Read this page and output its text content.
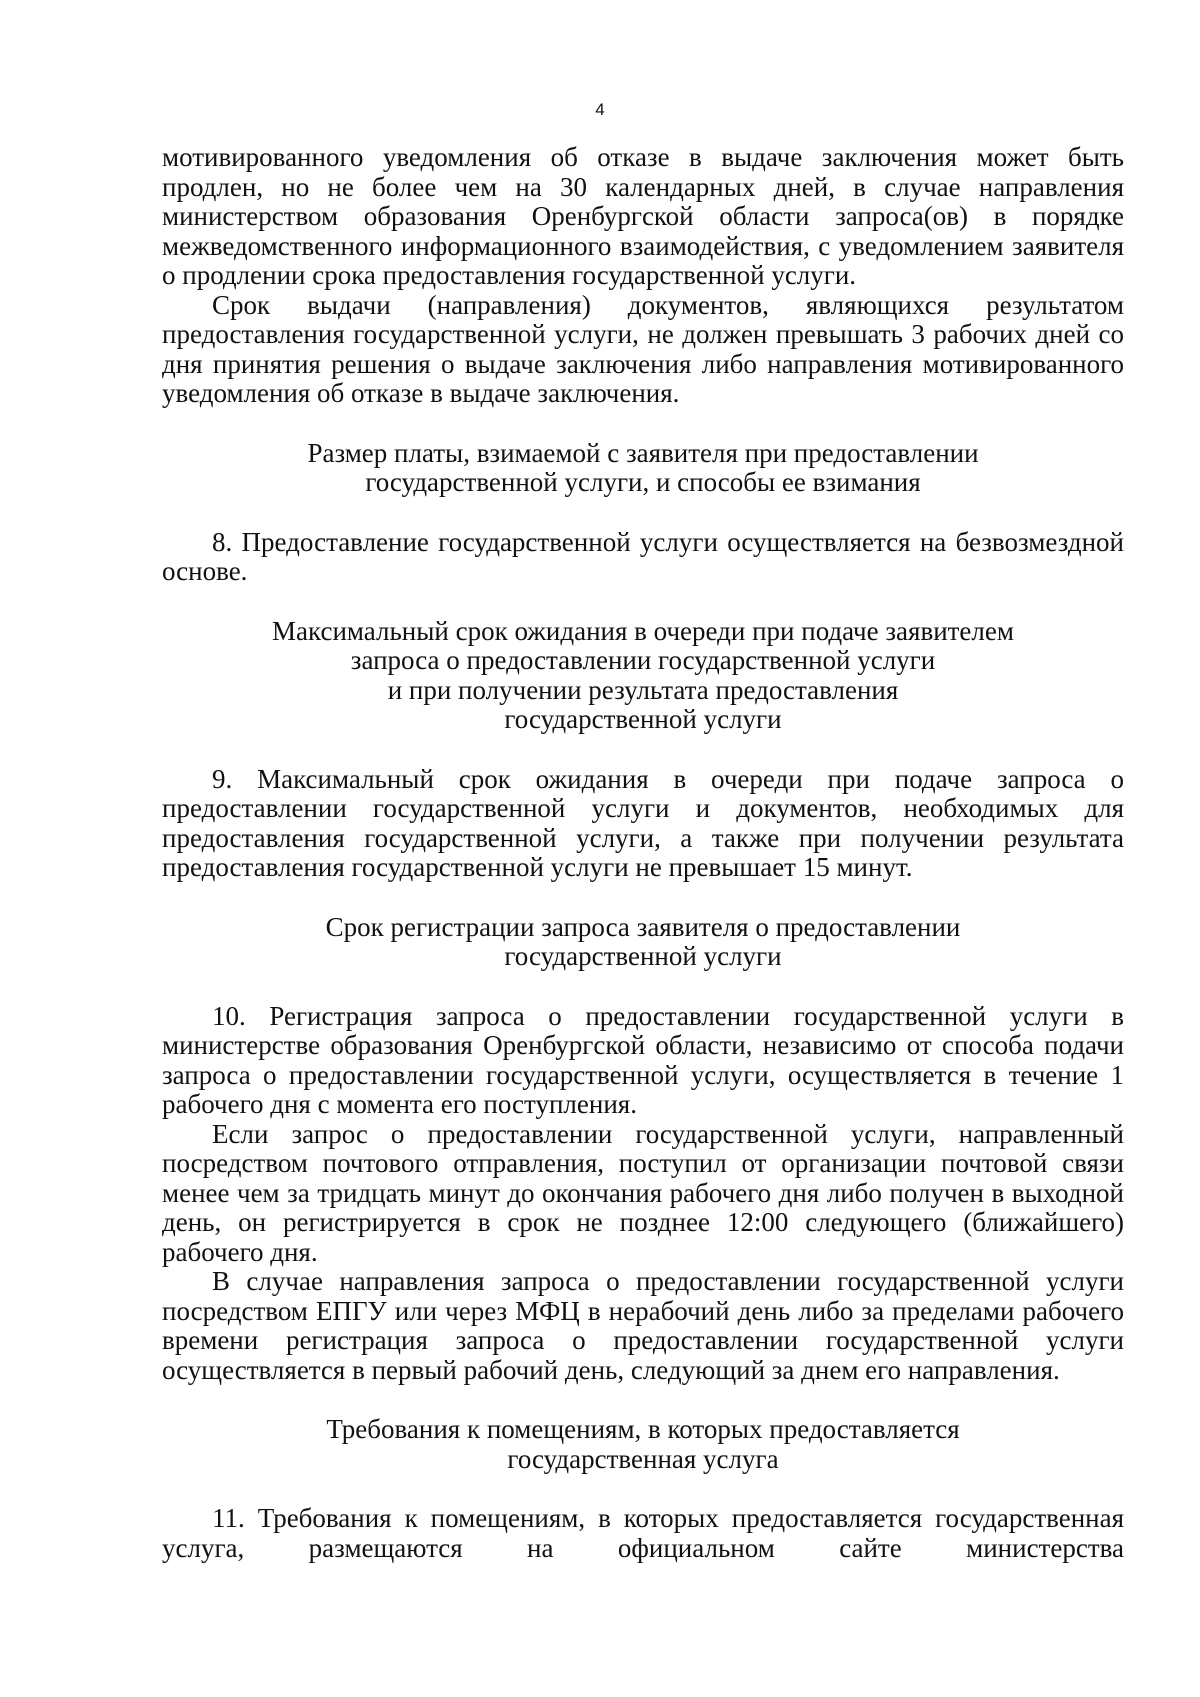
4

мотивированного уведомления об отказе в выдаче заключения может быть продлен, но не более чем на 30 календарных дней, в случае направления министерством образования Оренбургской области запроса(ов) в порядке межведомственного информационного взаимодействия, с уведомлением заявителя о продлении срока предоставления государственной услуги.

Срок выдачи (направления) документов, являющихся результатом предоставления государственной услуги, не должен превышать 3 рабочих дней со дня принятия решения о выдаче заключения либо направления мотивированного уведомления об отказе в выдаче заключения.

Размер платы, взимаемой с заявителя при предоставлении
государственной услуги, и способы ее взимания

8. Предоставление государственной услуги осуществляется на безвозмездной основе.

Максимальный срок ожидания в очереди при подаче заявителем
запроса о предоставлении государственной услуги
и при получении результата предоставления
государственной услуги

9. Максимальный срок ожидания в очереди при подаче запроса о предоставлении государственной услуги и документов, необходимых для предоставления государственной услуги, а также при получении результата предоставления государственной услуги не превышает 15 минут.

Срок регистрации запроса заявителя о предоставлении
государственной услуги

10. Регистрация запроса о предоставлении государственной услуги в министерстве образования Оренбургской области, независимо от способа подачи запроса о предоставлении государственной услуги, осуществляется в течение 1 рабочего дня с момента его поступления.

Если запрос о предоставлении государственной услуги, направленный посредством почтового отправления, поступил от организации почтовой связи менее чем за тридцать минут до окончания рабочего дня либо получен в выходной день, он регистрируется в срок не позднее 12:00 следующего (ближайшего) рабочего дня.

В случае направления запроса о предоставлении государственной услуги посредством ЕПГУ или через МФЦ в нерабочий день либо за пределами рабочего времени регистрация запроса о предоставлении государственной услуги осуществляется в первый рабочий день, следующий за днем его направления.

Требования к помещениям, в которых предоставляется
государственная услуга

11. Требования к помещениям, в которых предоставляется государственная услуга, размещаются на официальном сайте министерства
